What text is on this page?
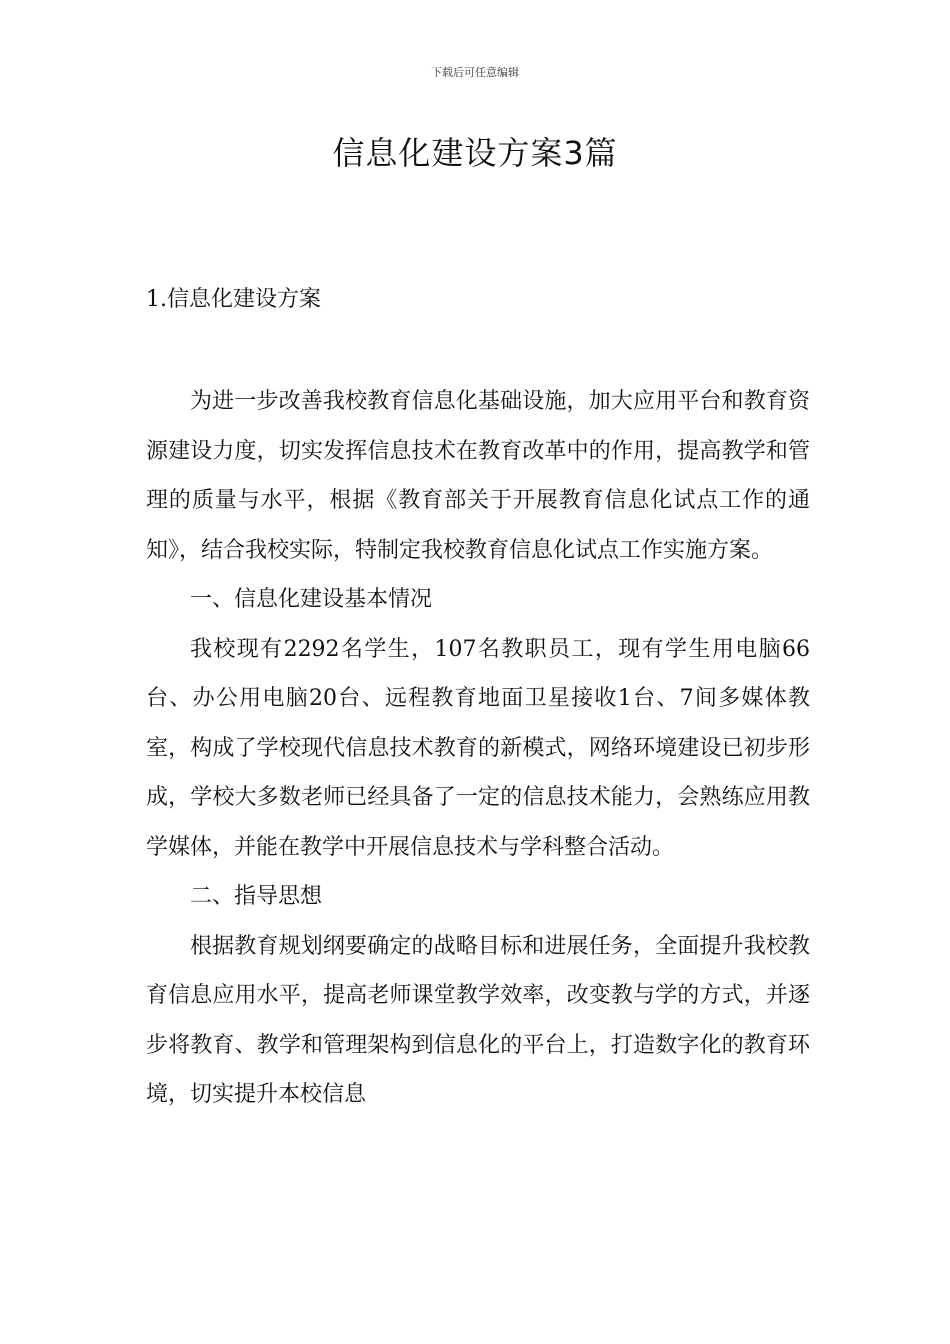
下载后可任意编辑
信息化建设方案3篇
1.信息化建设方案

为进一步改善我校教育信息化基础设施，加大应用平台和教育资源建设力度，切实发挥信息技术在教育改革中的作用，提高教学和管理的质量与水平，根据《教育部关于开展教育信息化试点工作的通知》，结合我校实际，特制定我校教育信息化试点工作实施方案。

一、信息化建设基本情况

我校现有2292名学生，107名教职员工，现有学生用电脑66台、办公用电脑20台、远程教育地面卫星接收1台、7间多媒体教室，构成了学校现代信息技术教育的新模式，网络环境建设已初步形成，学校大多数老师已经具备了一定的信息技术能力，会熟练应用教学媒体，并能在教学中开展信息技术与学科整合活动。

二、指导思想

根据教育规划纲要确定的战略目标和进展任务，全面提升我校教育信息应用水平，提高老师课堂教学效率，改变教与学的方式，并逐步将教育、教学和管理架构到信息化的平台上，打造数字化的教育环境，切实提升本校信息
